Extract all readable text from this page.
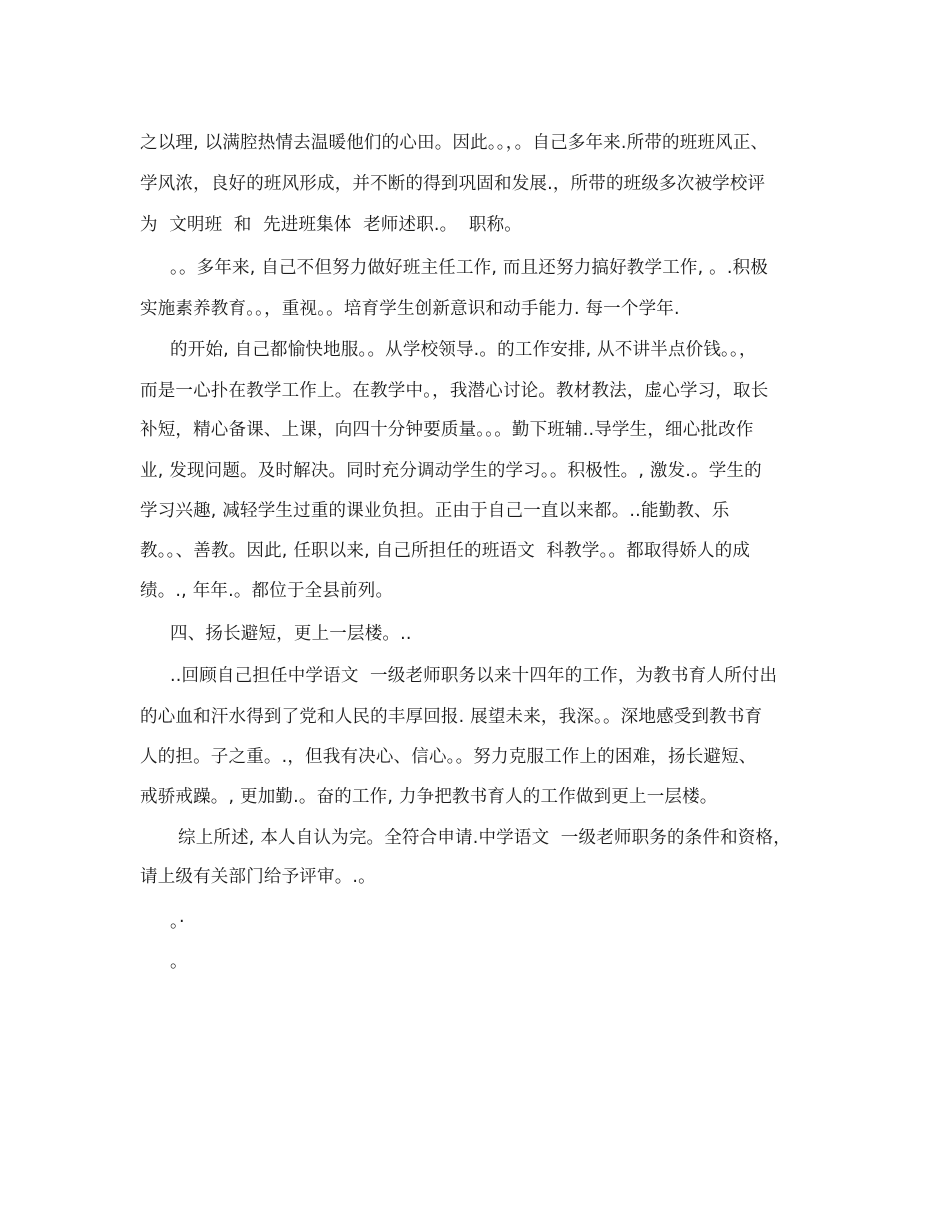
之以理, 以满腔热情去温暖他们的心田。因此。。，。自己多年来.所带的班班风正、
学风浓，良好的班风形成，并不断的得到巩固和发展.，所带的班级多次被学校评
为  文明班  和  先进班集体  老师述职.。  职称。
。。多年来, 自己不但努力做好班主任工作, 而且还努力搞好教学工作, 。.积极
实施素养教育。。，重视。。培育学生创新意识和动手能力. 每一个学年.
的开始, 自己都愉快地服。。从学校领导.。的工作安排, 从不讲半点价钱。。，
而是一心扑在教学工作上。在教学中。，我潜心讨论。教材教法，虚心学习，取长
补短，精心备课、上课，向四十分钟要质量。。。勤下班辅..导学生，细心批改作
业, 发现问题。及时解决。同时充分调动学生的学习。。积极性。, 激发.。学生的
学习兴趣, 减轻学生过重的课业负担。正由于自己一直以来都。..能勤教、乐
教。。、善教。因此, 任职以来, 自己所担任的班语文  科教学。。都取得娇人的成
绩。., 年年.。都位于全县前列。
四、扬长避短，更上一层楼。..
..回顾自己担任中学语文  一级老师职务以来十四年的工作，为教书育人所付出
的心血和汗水得到了党和人民的丰厚回报. 展望未来，我深。。深地感受到教书育
人的担。子之重。.，但我有决心、信心。。努力克服工作上的困难，扬长避短、
戒骄戒躁。, 更加勤.。奋的工作, 力争把教书育人的工作做到更上一层楼。
综上所述, 本人自认为完。全符合申请.中学语文  一级老师职务的条件和资格，
请上级有关部门给予评审。.。
。·
。
